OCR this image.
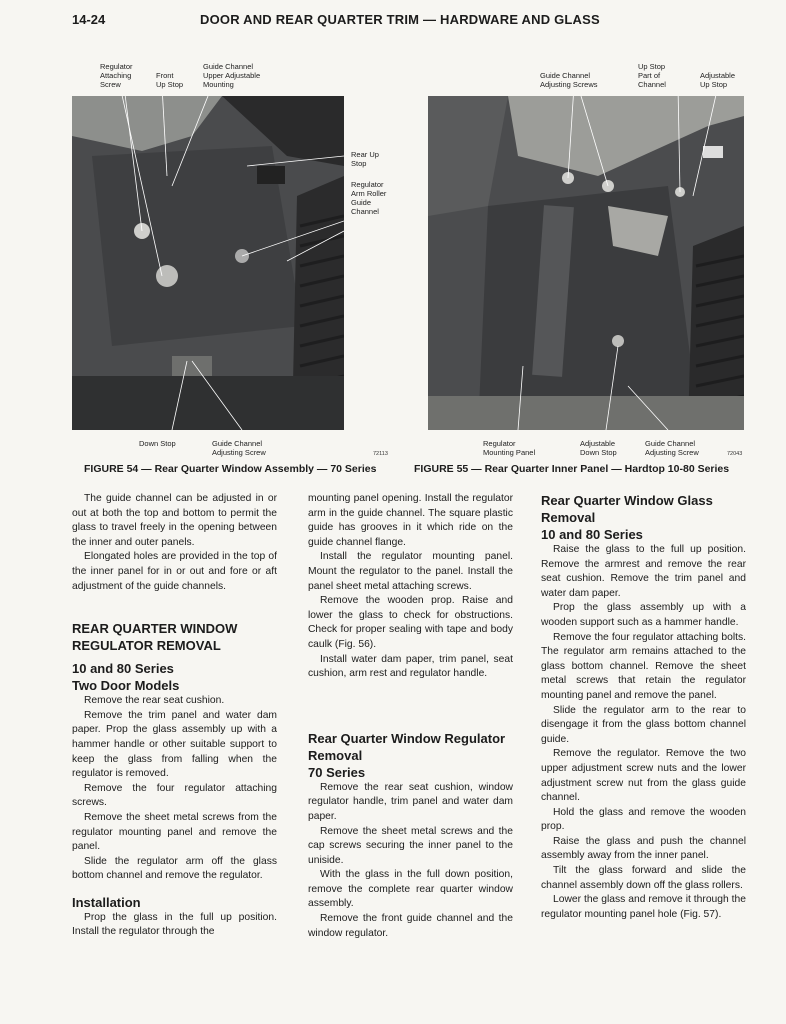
14-24	DOOR AND REAR QUARTER TRIM — HARDWARE AND GLASS
Regulator
Attaching
Screw
Front
Up Stop
Guide Channel
Upper Adjustable
Mounting
Rear Up
Stop
Regulator
Arm Roller
Guide
Channel
Down Stop	Guide Channel
Adjusting Screw	72113
FIGURE 54 — Rear Quarter Window Assembly — 70 Series
Guide Channel
Adjusting Screws
Up Stop
Part of
Channel
Adjustable
Up Stop
Regulator
Mounting Panel
Adjustable
Down Stop
Guide Channel
Adjusting Screw	72043
FIGURE 55 — Rear Quarter Inner Panel — Hardtop 10-80 Series

The guide channel can be adjusted in or out at both the top and bottom to permit the glass to travel freely in the opening between the inner and outer panels.

Elongated holes are provided in the top of the inner panel for in or out and fore or aft adjustment of the guide channels.

REAR QUARTER WINDOW REGULATOR REMOVAL
10 and 80 Series
Two Door Models

Remove the rear seat cushion.

Remove the trim panel and water dam paper. Prop the glass assembly up with a hammer handle or other suitable support to keep the glass from falling when the regulator is removed.

Remove the four regulator attaching screws.

Remove the sheet metal screws from the regulator mounting panel and remove the panel.

Slide the regulator arm off the glass bottom channel and remove the regulator.

Installation

Prop the glass in the full up position. Install the regulator through the

mounting panel opening. Install the regulator arm in the guide channel. The square plastic guide has grooves in it which ride on the guide channel flange.

Install the regulator mounting panel. Mount the regulator to the panel. Install the panel sheet metal attaching screws.

Remove the wooden prop. Raise and lower the glass to check for obstructions. Check for proper sealing with tape and body caulk (Fig. 56).

Install water dam paper, trim panel, seat cushion, arm rest and regulator handle.

Rear Quarter Window Regulator Removal
70 Series

Remove the rear seat cushion, window regulator handle, trim panel and water dam paper.

Remove the sheet metal screws and the cap screws securing the inner panel to the uniside.

With the glass in the full down position, remove the complete rear quarter window assembly.

Remove the front guide channel and the window regulator.

Rear Quarter Window Glass Removal
10 and 80 Series

Raise the glass to the full up position. Remove the armrest and remove the rear seat cushion. Remove the trim panel and water dam paper.

Prop the glass assembly up with a wooden support such as a hammer handle.

Remove the four regulator attaching bolts. The regulator arm remains attached to the glass bottom channel. Remove the sheet metal screws that retain the regulator mounting panel and remove the panel.

Slide the regulator arm to the rear to disengage it from the glass bottom channel guide.

Remove the regulator. Remove the two upper adjustment screw nuts and the lower adjustment screw nut from the glass guide channel.

Hold the glass and remove the wooden prop.

Raise the glass and push the channel assembly away from the inner panel.

Tilt the glass forward and slide the channel assembly down off the glass rollers.

Lower the glass and remove it through the regulator mounting panel hole (Fig. 57).
